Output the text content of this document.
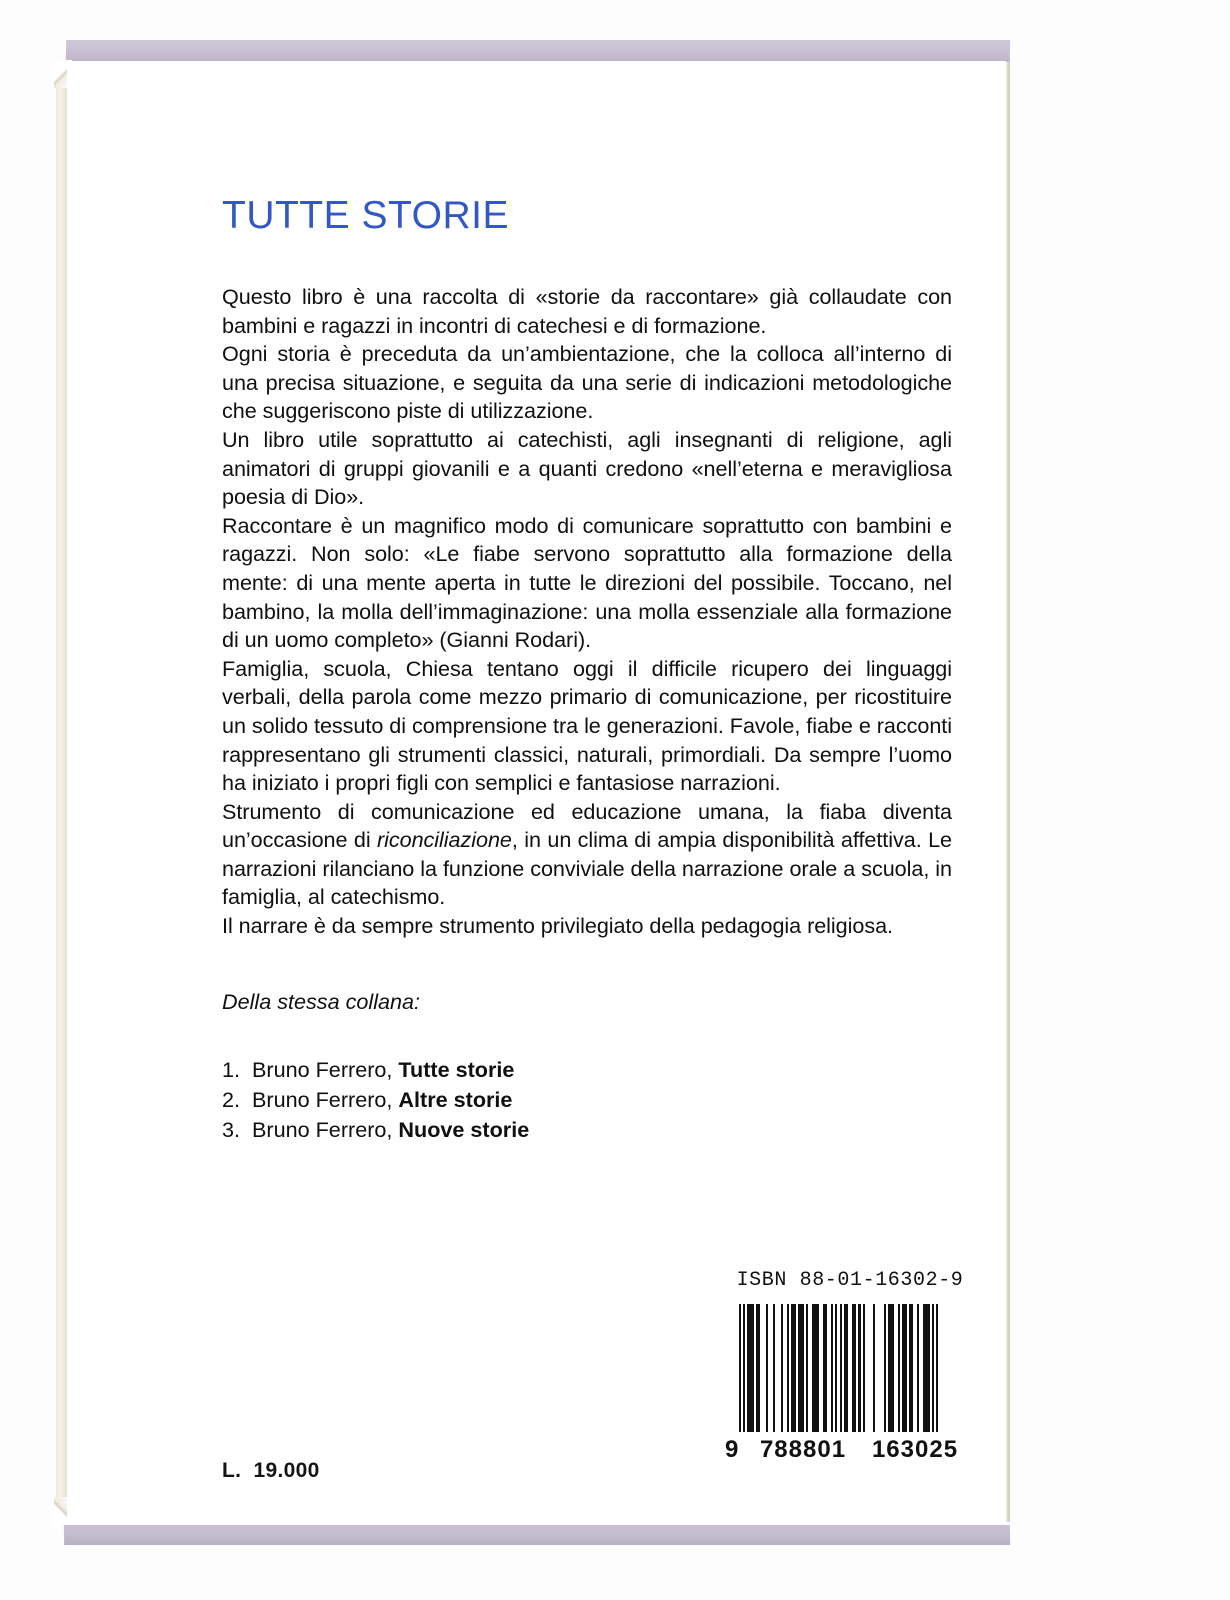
TUTTE STORIE

Questo libro è una raccolta di «storie da raccontare» già collaudate con bambini e ragazzi in incontri di catechesi e di formazione.

Ogni storia è preceduta da un’ambientazione, che la colloca all’interno di una precisa situazione, e seguita da una serie di indicazioni metodologiche che suggeriscono piste di utilizzazione.

Un libro utile soprattutto ai catechisti, agli insegnanti di religione, agli animatori di gruppi giovanili e a quanti credono «nell’eterna e meravigliosa poesia di Dio».

Raccontare è un magnifico modo di comunicare soprattutto con bambini e ragazzi. Non solo: «Le fiabe servono soprattutto alla formazione della mente: di una mente aperta in tutte le direzioni del possibile. Toccano, nel bambino, la molla dell’immaginazione: una molla essenziale alla formazione di un uomo completo» (Gianni Rodari).

Famiglia, scuola, Chiesa tentano oggi il difficile ricupero dei linguaggi verbali, della parola come mezzo primario di comunicazione, per ricostituire un solido tessuto di comprensione tra le generazioni. Favole, fiabe e racconti rappresentano gli strumenti classici, naturali, primordiali. Da sempre l’uomo ha iniziato i propri figli con semplici e fantasiose narrazioni.

Strumento di comunicazione ed educazione umana, la fiaba diventa un’occasione di riconciliazione, in un clima di ampia disponibilità affettiva. Le narrazioni rilanciano la funzione conviviale della narrazione orale a scuola, in famiglia, al catechismo.

Il narrare è da sempre strumento privilegiato della pedagogia religiosa.

Della stessa collana:

1. Bruno Ferrero, Tutte storie
2. Bruno Ferrero, Altre storie
3. Bruno Ferrero, Nuove storie
ISBN 88-01-16302-9
9 788801	163025
L.  19.000
